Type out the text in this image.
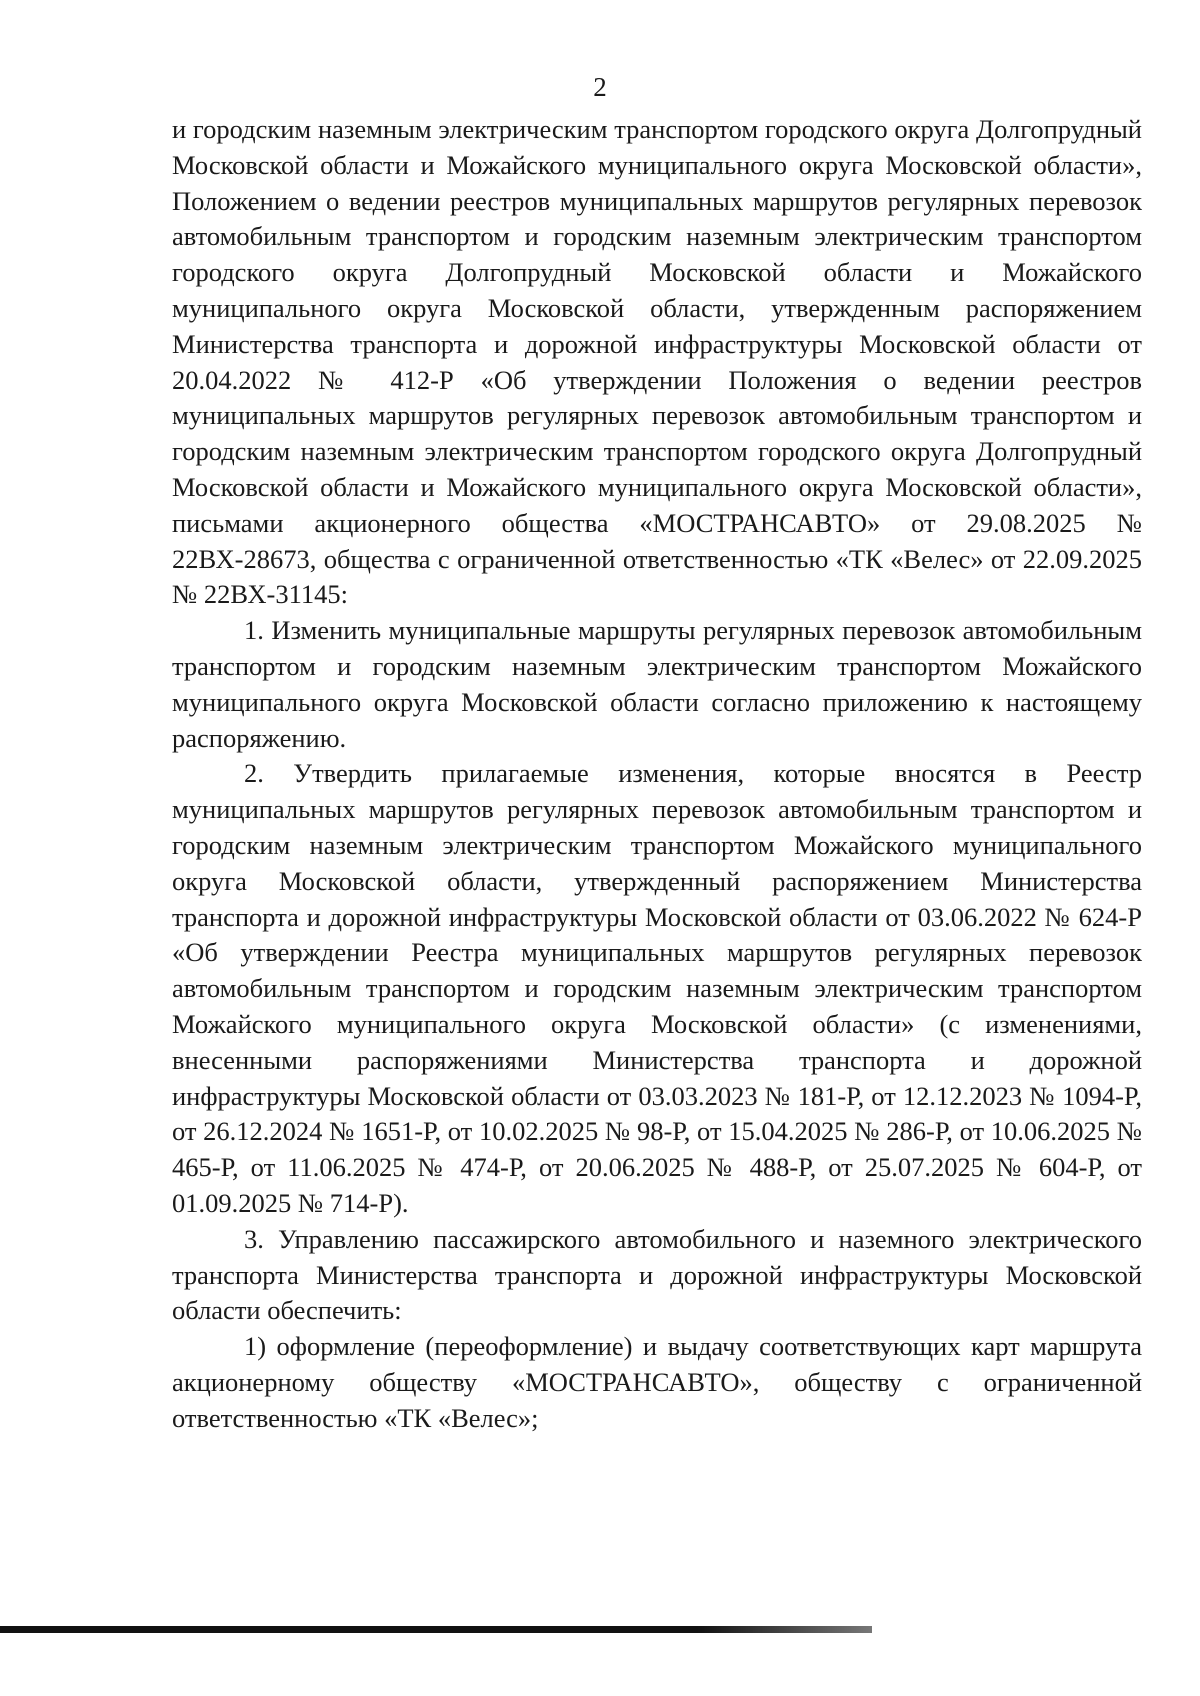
2

и городским наземным электрическим транспортом городского округа Долгопрудный Московской области и Можайского муниципального округа Московской области», Положением о ведении реестров муниципальных маршрутов регулярных перевозок автомобильным транспортом и городским наземным электрическим транспортом городского округа Долгопрудный Московской области и Можайского муниципального округа Московской области, утвержденным распоряжением Министерства транспорта и дорожной инфраструктуры Московской области от 20.04.2022 № 412-Р «Об утверждении Положения о ведении реестров муниципальных маршрутов регулярных перевозок автомобильным транспортом и городским наземным электрическим транспортом городского округа Долгопрудный Московской области и Можайского муниципального округа Московской области», письмами акционерного общества «МОСТРАНСАВТО» от 29.08.2025 № 22ВХ-28673, общества с ограниченной ответственностью «ТК «Велес» от 22.09.2025 № 22ВХ-31145:

1. Изменить муниципальные маршруты регулярных перевозок автомобильным транспортом и городским наземным электрическим транспортом Можайского муниципального округа Московской области согласно приложению к настоящему распоряжению.

2. Утвердить прилагаемые изменения, которые вносятся в Реестр муниципальных маршрутов регулярных перевозок автомобильным транспортом и городским наземным электрическим транспортом Можайского муниципального округа Московской области, утвержденный распоряжением Министерства транспорта и дорожной инфраструктуры Московской области от 03.06.2022 № 624-Р «Об утверждении Реестра муниципальных маршрутов регулярных перевозок автомобильным транспортом и городским наземным электрическим транспортом Можайского муниципального округа Московской области» (с изменениями, внесенными распоряжениями Министерства транспорта и дорожной инфраструктуры Московской области от 03.03.2023 № 181-Р, от 12.12.2023 № 1094-Р, от 26.12.2024 № 1651-Р, от 10.02.2025 № 98-Р, от 15.04.2025 № 286-Р, от 10.06.2025 № 465-Р, от 11.06.2025 № 474-Р, от 20.06.2025 № 488-Р, от 25.07.2025 № 604-Р, от 01.09.2025 № 714-Р).

3. Управлению пассажирского автомобильного и наземного электрического транспорта Министерства транспорта и дорожной инфраструктуры Московской области обеспечить:

1) оформление (переоформление) и выдачу соответствующих карт маршрута акционерному обществу «МОСТРАНСАВТО», обществу с ограниченной ответственностью «ТК «Велес»;
